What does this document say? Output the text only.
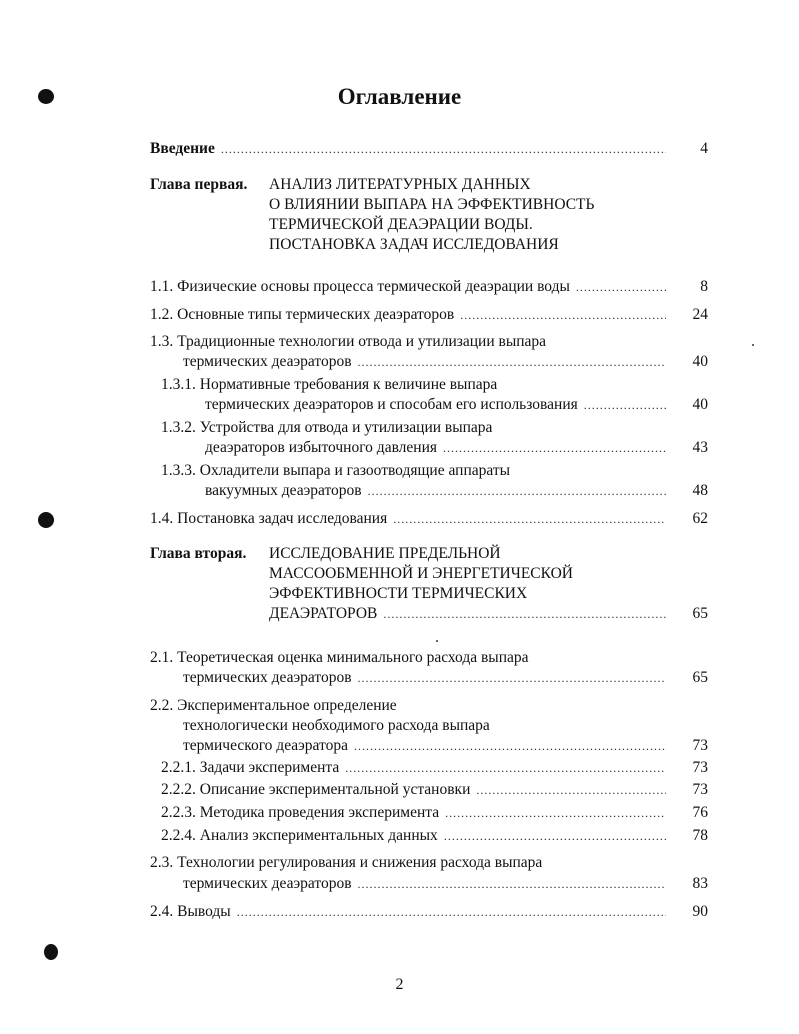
Оглавление
Введение .....	4
Глава первая. АНАЛИЗ ЛИТЕРАТУРНЫХ ДАННЫХ
О ВЛИЯНИИ ВЫПАРА НА ЭФФЕКТИВНОСТЬ
ТЕРМИЧЕСКОЙ ДЕАЭРАЦИИ ВОДЫ.
ПОСТАНОВКА ЗАДАЧ ИССЛЕДОВАНИЯ
1.1. Физические основы процесса термической деаэрации воды .....	8
1.2. Основные типы термических деаэраторов .....	24
1.3. Традиционные технологии отвода и утилизации выпара
термических деаэраторов .....	40
1.3.1. Нормативные требования к величине выпара
термических деаэраторов и способам его использования .....	40
1.3.2. Устройства для отвода и утилизации выпара
деаэраторов избыточного давления .....	43
1.3.3. Охладители выпара и газоотводящие аппараты
вакуумных деаэраторов .....	48
1.4. Постановка задач исследования .....	62
Глава вторая. ИССЛЕДОВАНИЕ ПРЕДЕЛЬНОЙ
МАССООБМЕННОЙ И ЭНЕРГЕТИЧЕСКОЙ
ЭФФЕКТИВНОСТИ ТЕРМИЧЕСКИХ
ДЕАЭРАТОРОВ .....	65
2.1. Теоретическая оценка минимального расхода выпара
термических деаэраторов .....	65
2.2. Экспериментальное определение
технологически необходимого расхода выпара
термического деаэратора .....	73
2.2.1. Задачи эксперимента .....	73
2.2.2. Описание экспериментальной установки .....	73
2.2.3. Методика проведения эксперимента .....	76
2.2.4. Анализ экспериментальных данных .....	78
2.3. Технологии регулирования и снижения расхода выпара
термических деаэраторов .....	83
2.4. Выводы .....	90
2
